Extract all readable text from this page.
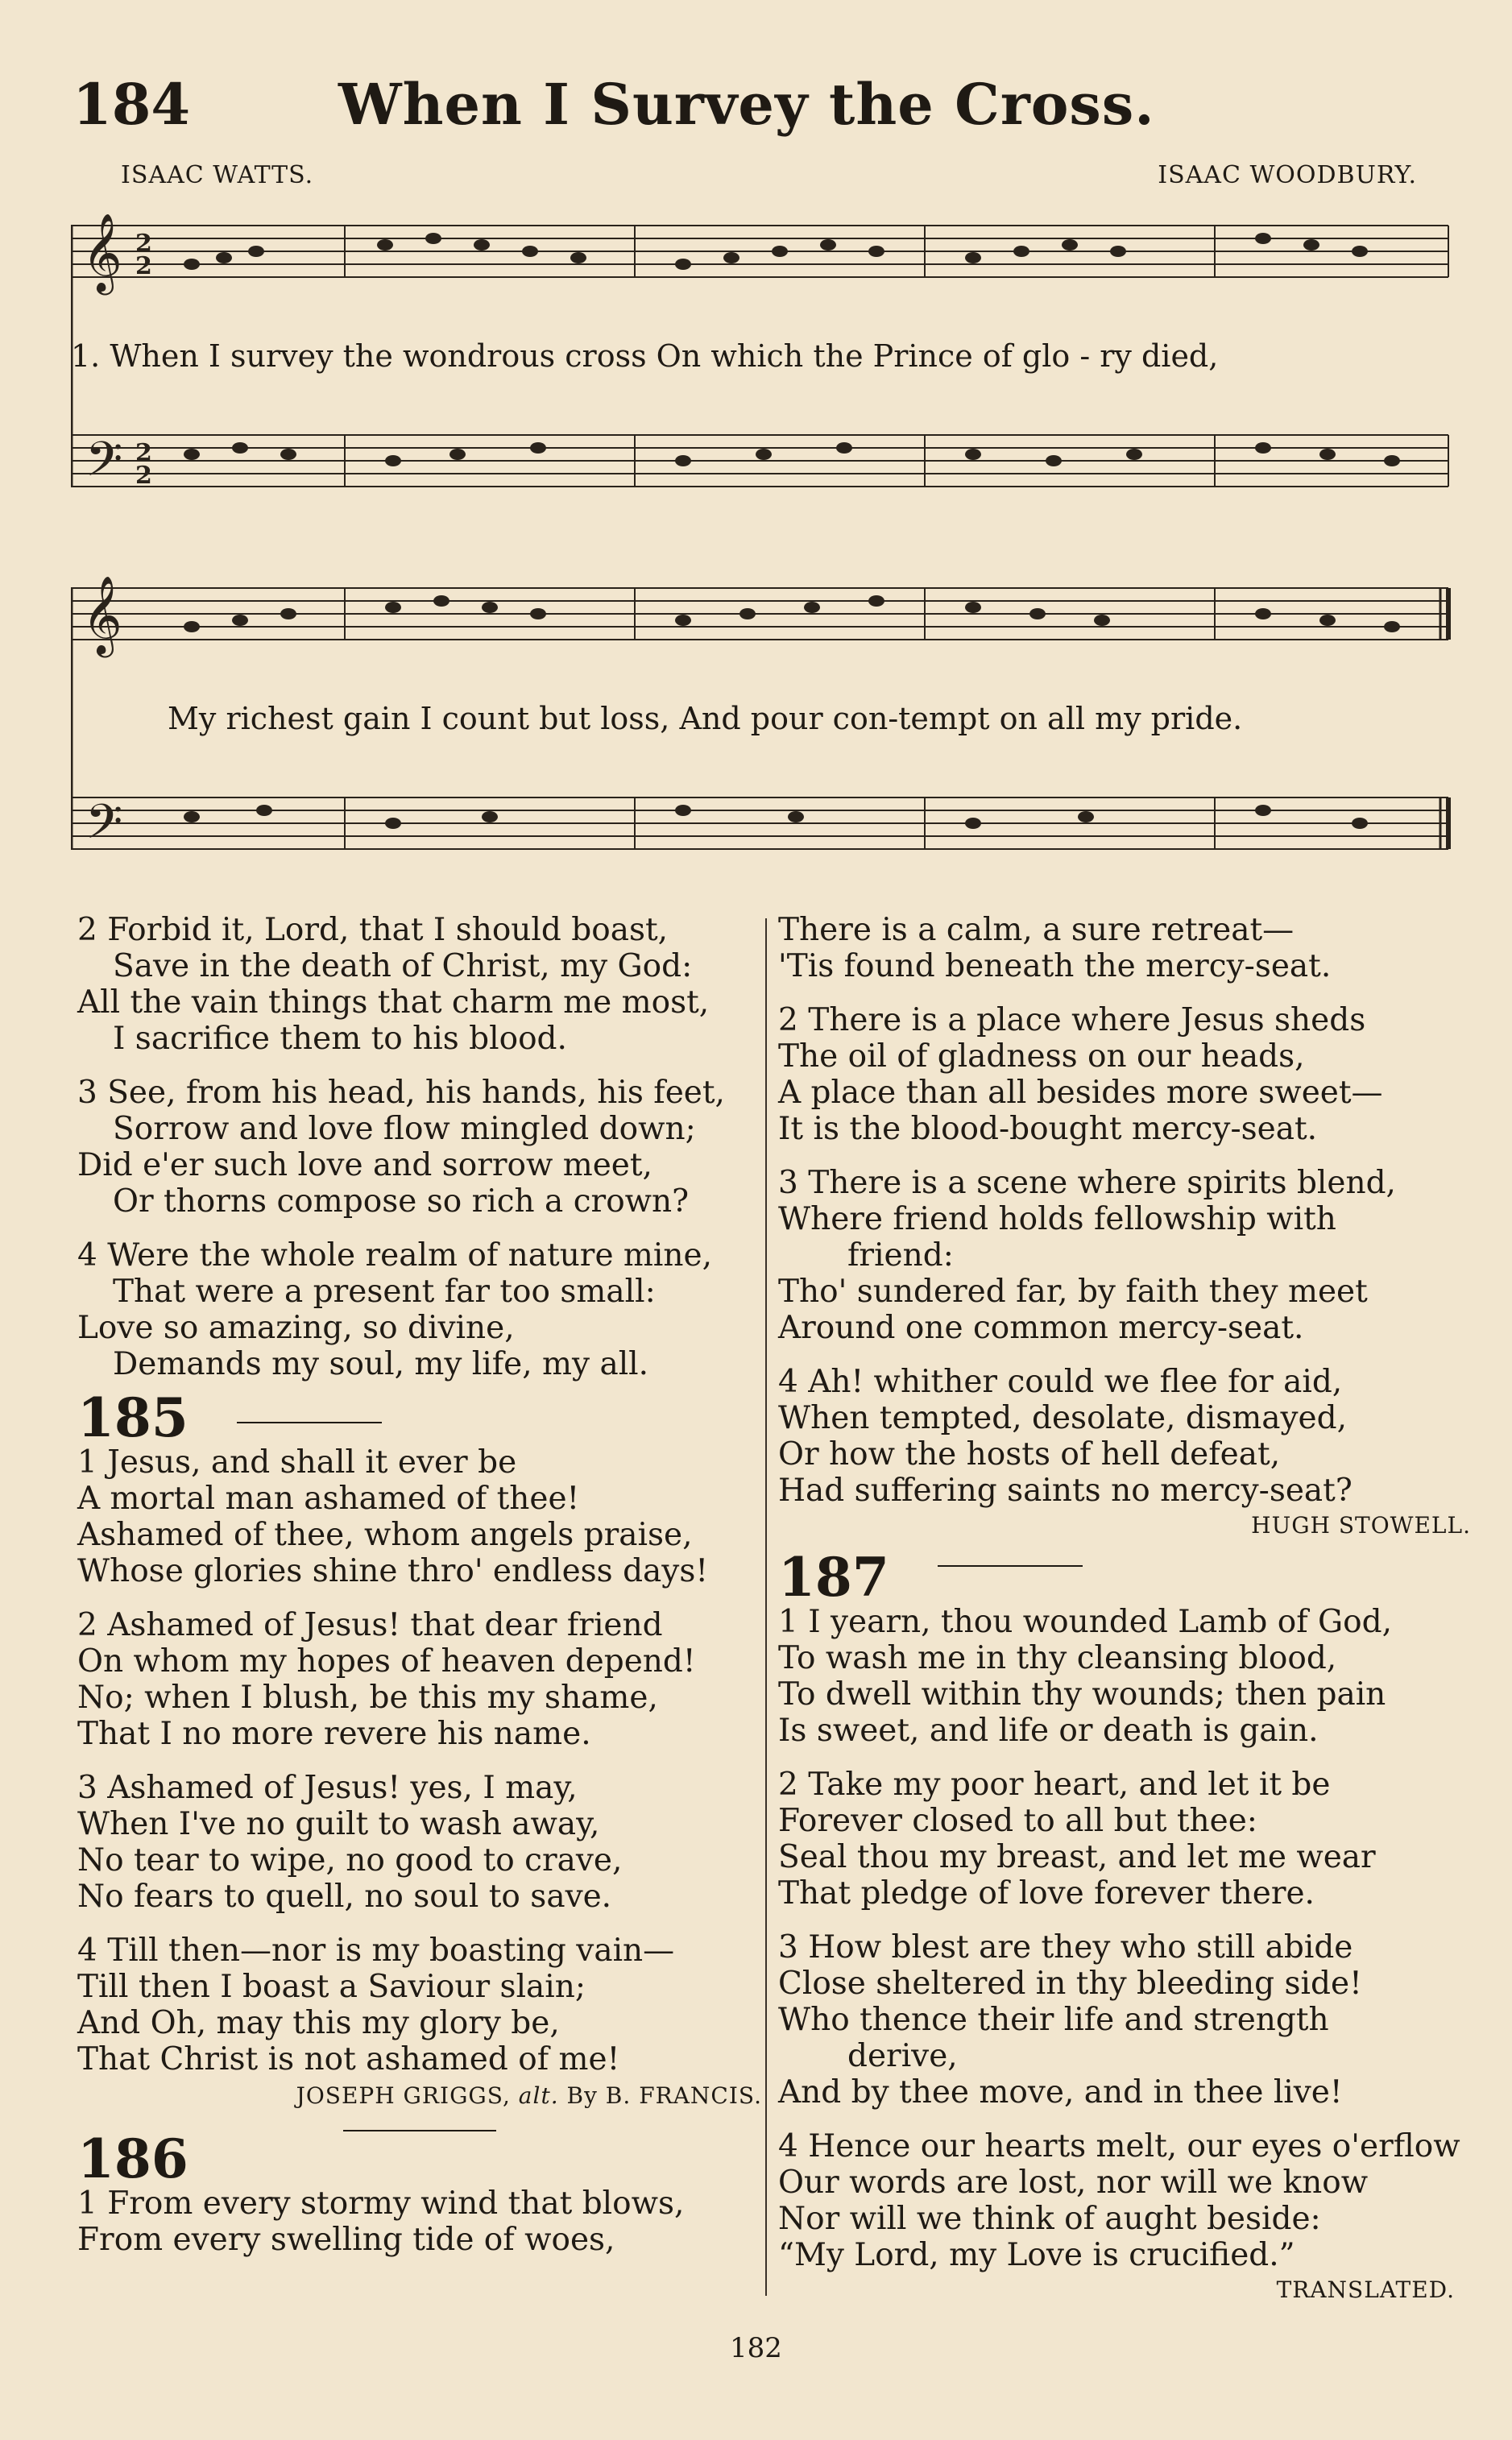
184	When I Survey the Cross.
ISAAC WATTS.	ISAAC WOODBURY.
𝄞
𝄢
2
2
2
2
1. When I survey the wondrous cross On which the Prince of glo - ry died,
𝄞
𝄢
My richest gain I count but loss, And pour con-tempt on all my pride.
2 Forbid it, Lord, that I should boast,
Save in the death of Christ, my God:
All the vain things that charm me most,
I sacrifice them to his blood.
3 See, from his head, his hands, his feet,
Sorrow and love flow mingled down;
Did e'er such love and sorrow meet,
Or thorns compose so rich a crown?
4 Were the whole realm of nature mine,
That were a present far too small:
Love so amazing, so divine,
Demands my soul, my life, my all.
185
1 Jesus, and shall it ever be
A mortal man ashamed of thee!
Ashamed of thee, whom angels praise,
Whose glories shine thro' endless days!
2 Ashamed of Jesus! that dear friend
On whom my hopes of heaven depend!
No; when I blush, be this my shame,
That I no more revere his name.
3 Ashamed of Jesus! yes, I may,
When I've no guilt to wash away,
No tear to wipe, no good to crave,
No fears to quell, no soul to save.
4 Till then—nor is my boasting vain—
Till then I boast a Saviour slain;
And Oh, may this my glory be,
That Christ is not ashamed of me!
JOSEPH GRIGGS, alt. By B. FRANCIS.
186
1 From every stormy wind that blows,
From every swelling tide of woes,
There is a calm, a sure retreat—
'Tis found beneath the mercy-seat.
2 There is a place where Jesus sheds
The oil of gladness on our heads,
A place than all besides more sweet—
It is the blood-bought mercy-seat.
3 There is a scene where spirits blend,
Where friend holds fellowship with
friend:
Tho' sundered far, by faith they meet
Around one common mercy-seat.
4 Ah! whither could we flee for aid,
When tempted, desolate, dismayed,
Or how the hosts of hell defeat,
Had suffering saints no mercy-seat?
HUGH STOWELL.
187
1 I yearn, thou wounded Lamb of God,
To wash me in thy cleansing blood,
To dwell within thy wounds; then pain
Is sweet, and life or death is gain.
2 Take my poor heart, and let it be
Forever closed to all but thee:
Seal thou my breast, and let me wear
That pledge of love forever there.
3 How blest are they who still abide
Close sheltered in thy bleeding side!
Who thence their life and strength
derive,
And by thee move, and in thee live!
4 Hence our hearts melt, our eyes o'erflow
Our words are lost, nor will we know
Nor will we think of aught beside:
“My Lord, my Love is crucified.”
TRANSLATED.
182
